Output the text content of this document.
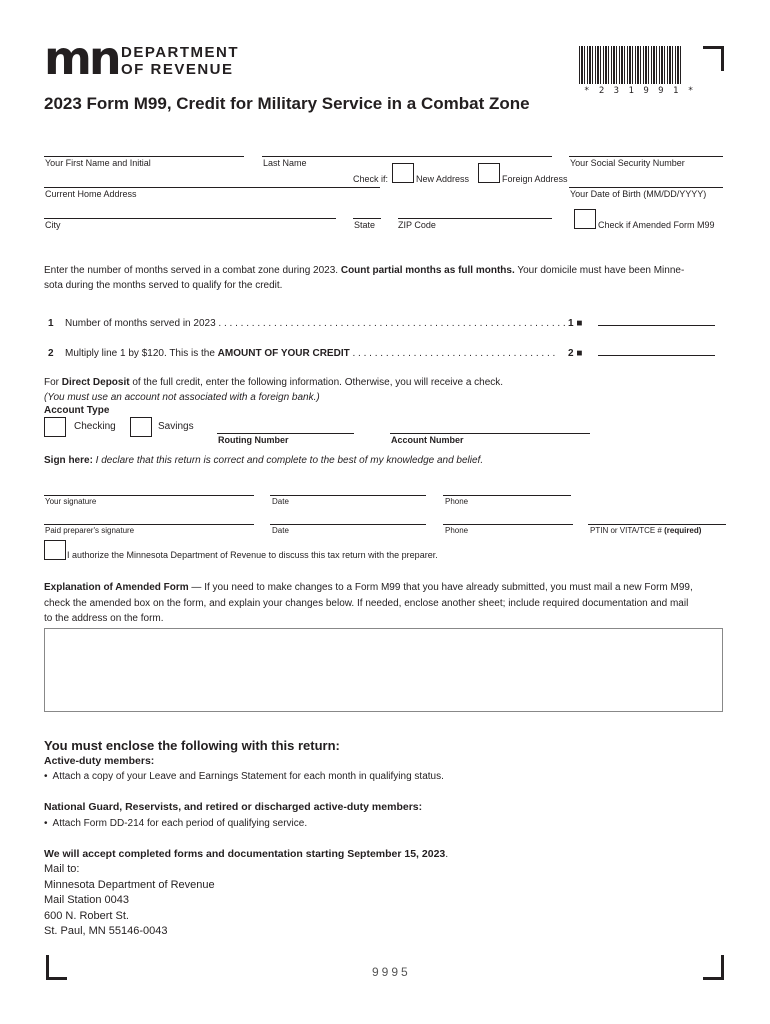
mn DEPARTMENT
OF REVENUE
* 2 3 1 9 9 1 *
2023 Form M99, Credit for Military Service in a Combat Zone
Your First Name and Initial	Last Name	Your Social Security Number
Check if:	New Address	Foreign Address
Current Home Address	Your Date of Birth (MM/DD/YYYY)
City	State	ZIP Code	Check if Amended Form M99
Enter the number of months served in a combat zone during 2023. Count partial months as full months. Your domicile must have been Minne-
sota during the months served to qualify for the credit.
1 Number of months served in 2023 . . . . . . . . . . . . . . . . . . . . . . . . . . . . . . . . . . . . . . . . . . . . . . . . . . . . . . . . . . . . . . . 1 ■
2 Multiply line 1 by $120. This is the AMOUNT OF YOUR CREDIT . . . . . . . . . . . . . . . . . . . . . . . . . . . . . . . . . . . . .	2 ■
For Direct Deposit of the full credit, enter the following information. Otherwise, you will receive a check.
(You must use an account not associated with a foreign bank.)
Account Type
Checking	Savings
Routing Number	Account Number
Sign here: I declare that this return is correct and complete to the best of my knowledge and belief.
Your signature	Date	Phone
Paid preparer's signature	Date	Phone	PTIN or VITA/TCE # (required)
I authorize the Minnesota Department of Revenue to discuss this tax return with the preparer.
Explanation of Amended Form — If you need to make changes to a Form M99 that you have already submitted, you must mail a new Form M99,
check the amended box on the form, and explain your changes below. If needed, enclose another sheet; include required documentation and mail
to the address on the form.
You must enclose the following with this return:
Active-duty members:
• Attach a copy of your Leave and Earnings Statement for each month in qualifying status.
National Guard, Reservists, and retired or discharged active-duty members:
• Attach Form DD-214 for each period of qualifying service.
We will accept completed forms and documentation starting September 15, 2023.
Mail to:
Minnesota Department of Revenue
Mail Station 0043
600 N. Robert St.
St. Paul, MN 55146-0043
9995
